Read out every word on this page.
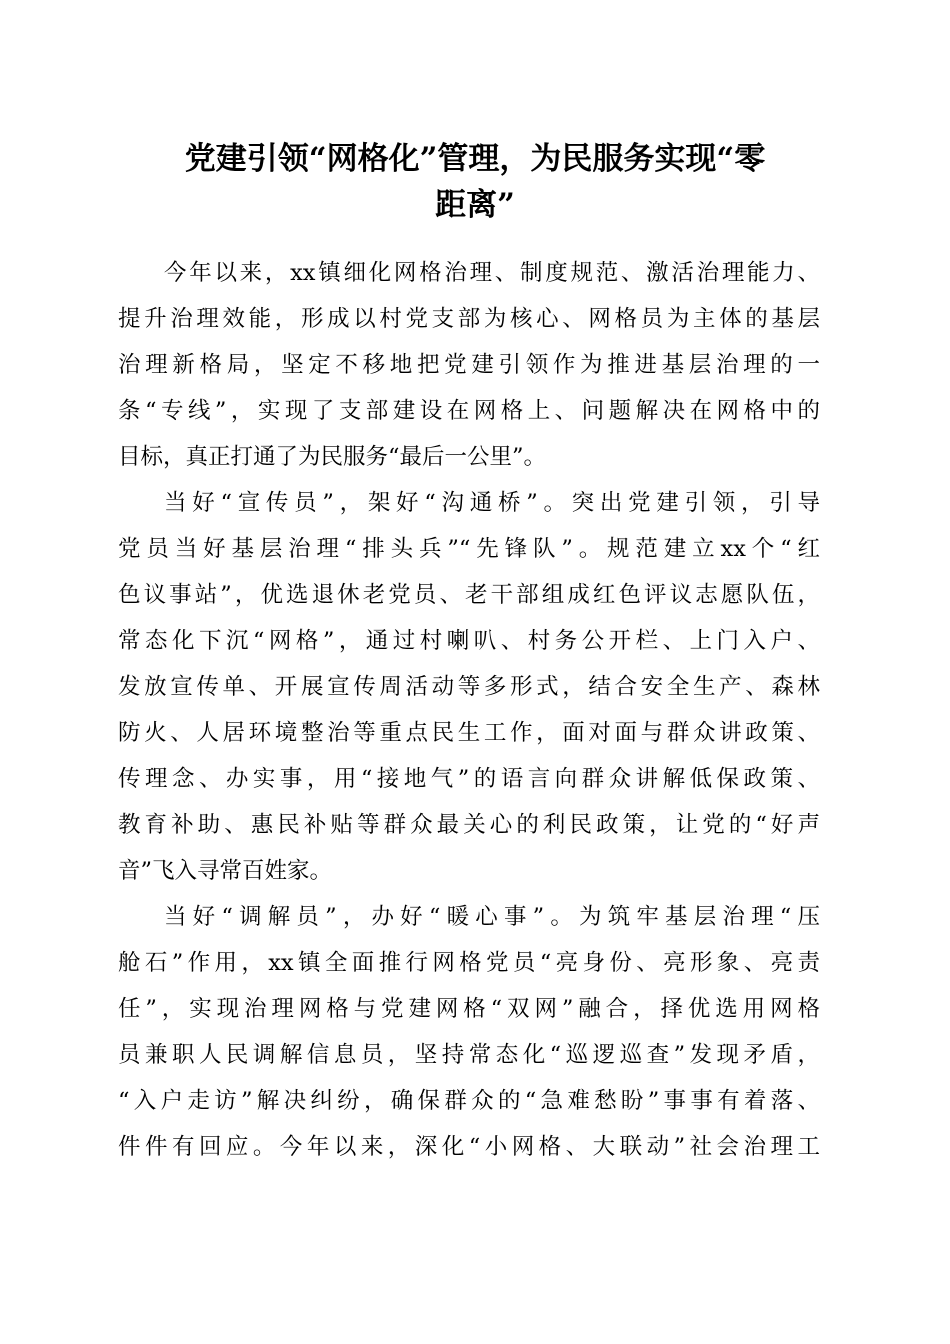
党建引领“网格化”管理，为民服务实现“零
距离”
今年以来，xx镇细化网格治理、制度规范、激活治理能力、
提升治理效能，形成以村党支部为核心、网格员为主体的基层
治理新格局，坚定不移地把党建引领作为推进基层治理的一
条“专线”，实现了支部建设在网格上、问题解决在网格中的
目标，真正打通了为民服务“最后一公里”。
当好“宣传员”，架好“沟通桥”。突出党建引领，引导
党员当好基层治理“排头兵”“先锋队”。规范建立xx个“红
色议事站”，优选退休老党员、老干部组成红色评议志愿队伍，
常态化下沉“网格”，通过村喇叭、村务公开栏、上门入户、
发放宣传单、开展宣传周活动等多形式，结合安全生产、森林
防火、人居环境整治等重点民生工作，面对面与群众讲政策、
传理念、办实事，用“接地气”的语言向群众讲解低保政策、
教育补助、惠民补贴等群众最关心的利民政策，让党的“好声
音”飞入寻常百姓家。
当好“调解员”，办好“暖心事”。为筑牢基层治理“压
舱石”作用，xx镇全面推行网格党员“亮身份、亮形象、亮责
任”，实现治理网格与党建网格“双网”融合，择优选用网格
员兼职人民调解信息员，坚持常态化“巡逻巡查”发现矛盾，
“入户走访”解决纠纷，确保群众的“急难愁盼”事事有着落、
件件有回应。今年以来，深化“小网格、大联动”社会治理工
